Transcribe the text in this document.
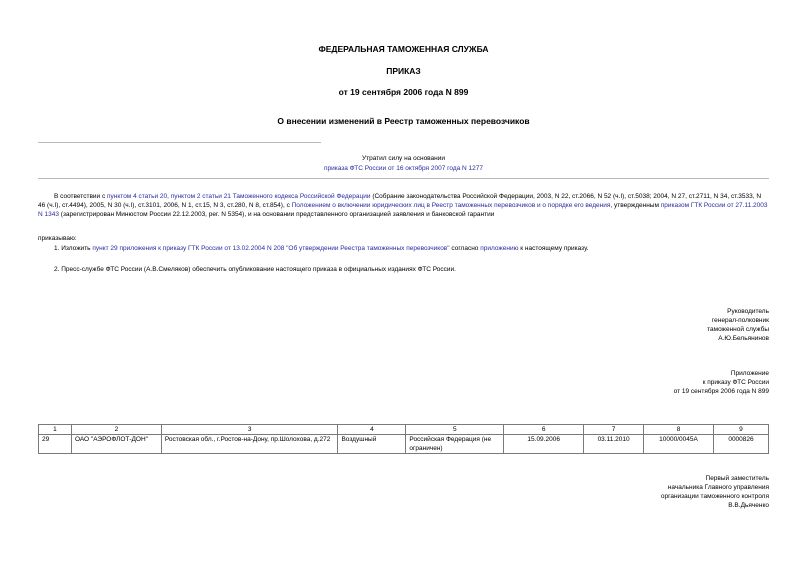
ФЕДЕРАЛЬНАЯ ТАМОЖЕННАЯ СЛУЖБА
ПРИКАЗ
от 19 сентября 2006 года N 899
О внесении изменений в Реестр таможенных перевозчиков
Утратил силу на основании
приказа ФТС России от 16 октября 2007 года N 1277
В соответствии с пунктом 4 статьи 20, пунктом 2 статьи 21 Таможенного кодекса Российской Федерации (Собрание законодательства Российской Федерации, 2003, N 22, ст.2066, N 52 (ч.I), ст.5038; 2004, N 27, ст.2711, N 34, ст.3533, N 46 (ч.I), ст.4494), 2005, N 30 (ч.I), ст.3101, 2006, N 1, ст.15, N 3, ст.280, N 8, ст.854), с Положением о включении юридических лиц в Реестр таможенных перевозчиков и о порядке его ведения, утвержденным приказом ГТК России от 27.11.2003 N 1343 (зарегистрирован Минюстом России 22.12.2003, рег. N 5354), и на основании представленного организацией заявления и банковской гарантии
приказываю:
1. Изложить пункт 29 приложения к приказу ГТК России от 13.02.2004 N 208 "Об утверждении Реестра таможенных перевозчиков" согласно приложению к настоящему приказу.
2. Пресс-службе ФТС России (А.В.Смеляков) обеспечить опубликование настоящего приказа в официальных изданиях ФТС России.
Руководитель
генерал-полковник
таможенной службы
А.Ю.Бельянинов
Приложение
к приказу ФТС России
от 19 сентября 2006 года N 899
1	2	3	4	5	6	7	8	9
29	ОАО "АЭРОФЛОТ-ДОН"	Ростовская обл., г.Ростов-на-Дону, пр.Шолохова, д.272	Воздушный	Российская Федерация (не ограничен)	15.09.2006	03.11.2010	10000/0045А	0000826
Первый заместитель
начальника Главного управления
организации таможенного контроля
В.В.Дьяченко
